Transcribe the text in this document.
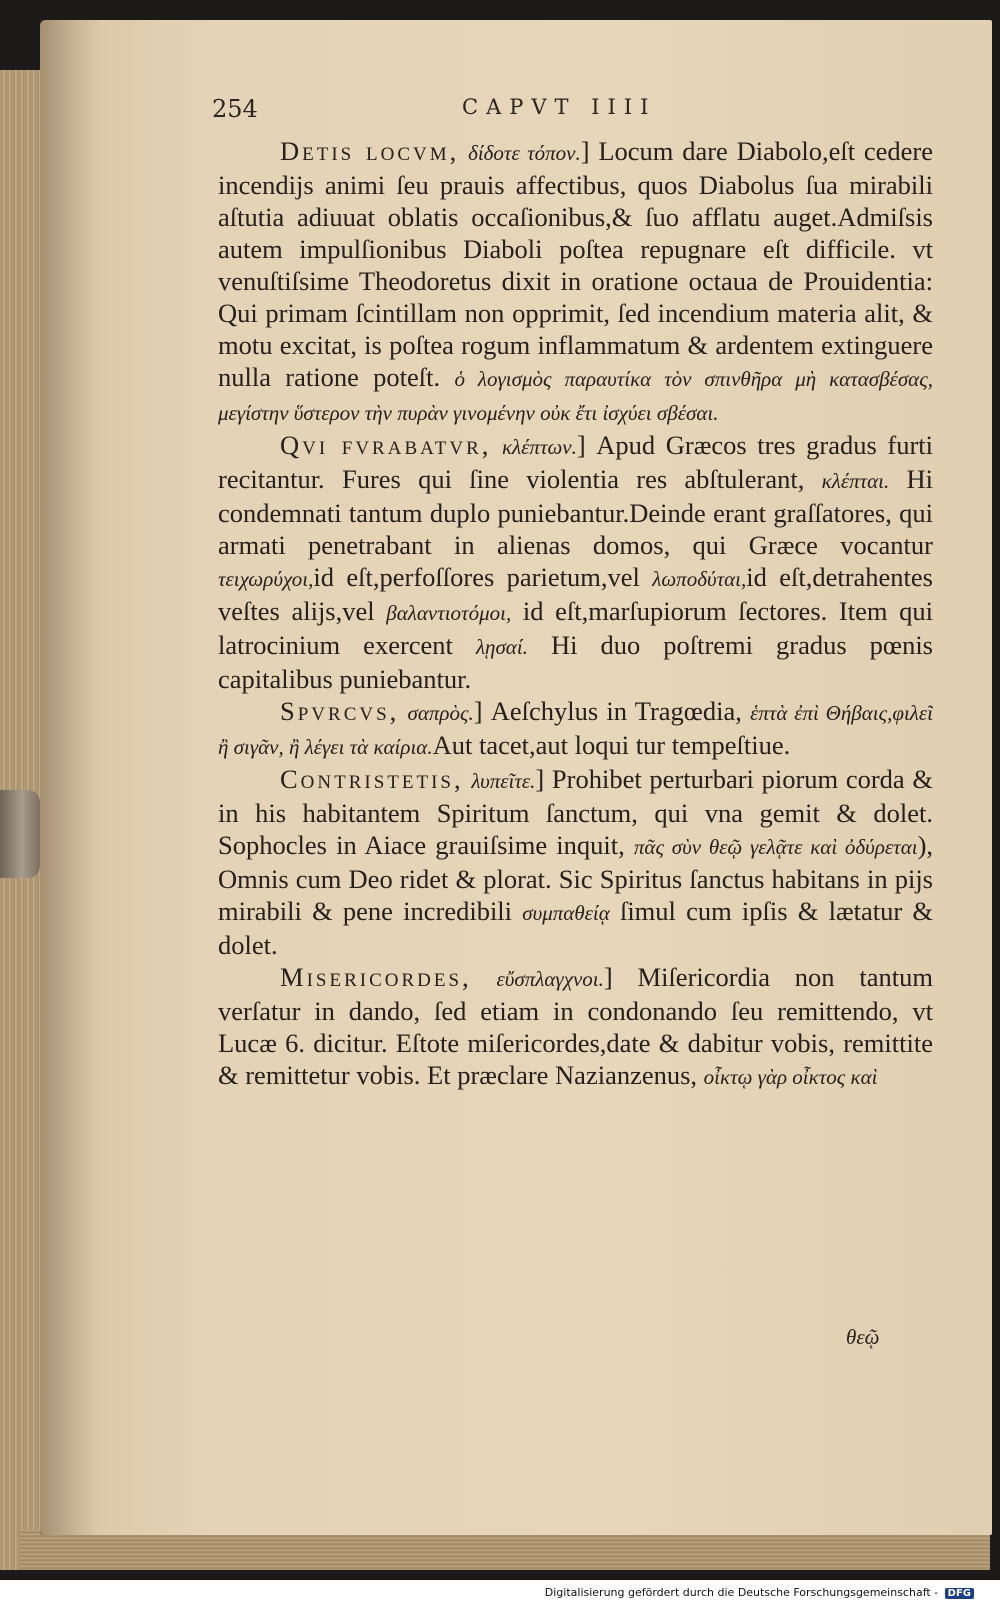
254	CAPVT IIII

Detis locvm, δίδοτε τόπον.] Locum dare Diabolo,eſt cedere incendijs animi ſeu prauis affectibus, quos Diabolus ſua mirabili aſtutia adiuuat oblatis occaſionibus,& ſuo afflatu auget.Admiſsis autem impulſionibus Diaboli poſtea repugnare eſt difficile. vt venuſtiſsime Theodoretus dixit in oratione octaua de Prouidentia: Qui primam ſcintillam non opprimit, ſed incendium materia alit, & motu excitat, is poſtea rogum inflammatum & ardentem extinguere nulla ratione poteſt. ὁ λογισμὸς παραυτίκα τὸν σπινθῆρα μὴ κατασβέσας, μεγίστην ὕστερον τὴν πυρὰν γινομένην οὐκ ἔτι ἰσχύει σβέσαι.

Qvi fvrabatvr, κλέπτων.] Apud Græcos tres gradus furti recitantur. Fures qui ſine violentia res abſtulerant, κλέπται. Hi condemnati tantum duplo puniebantur.Deinde erant graſſatores, qui armati penetrabant in alienas domos, qui Græce vocantur τειχωρύχοι,id eſt,perfoſſores parietum,vel λωποδύται,id eſt,detrahentes veſtes alijs,vel βαλαντιοτόμοι, id eſt,marſupiorum ſectores. Item qui latrocinium exercent λῃσαί. Hi duo poſtremi gradus pœnis capitalibus puniebantur.

Spvrcvs, σαπρὸς.] Aeſchylus in Tragœdia, ἑπτὰ ἐπὶ Θήβαις,φιλεῖ ἢ σιγᾶν, ἢ λέγει τὰ καίρια.Aut tacet,aut loqui tur tempeſtiue.

Contristetis, λυπεῖτε.] Prohibet perturbari piorum corda & in his habitantem Spiritum ſanctum, qui vna gemit & dolet. Sophocles in Aiace grauiſsime inquit, πᾶς σὺν θεῷ γελᾷτε καὶ ὀδύρεται), Omnis cum Deo ridet & plorat. Sic Spiritus ſanctus habitans in pijs mirabili & pene incredibili συμπαθείᾳ ſimul cum ipſis & lætatur & dolet.

Misericordes, εὔσπλαγχνοι.] Miſericordia non tantum verſatur in dando, ſed etiam in condonando ſeu remittendo, vt Lucæ 6. dicitur. Eſtote miſericordes,date & dabitur vobis, remittite & remittetur vobis. Et præclare Nazianzenus, οἶκτῳ γὰρ οἶκτος καὶ

θεῷ
Digitalisierung gefördert durch die Deutsche Forschungsgemeinschaft - DFG
